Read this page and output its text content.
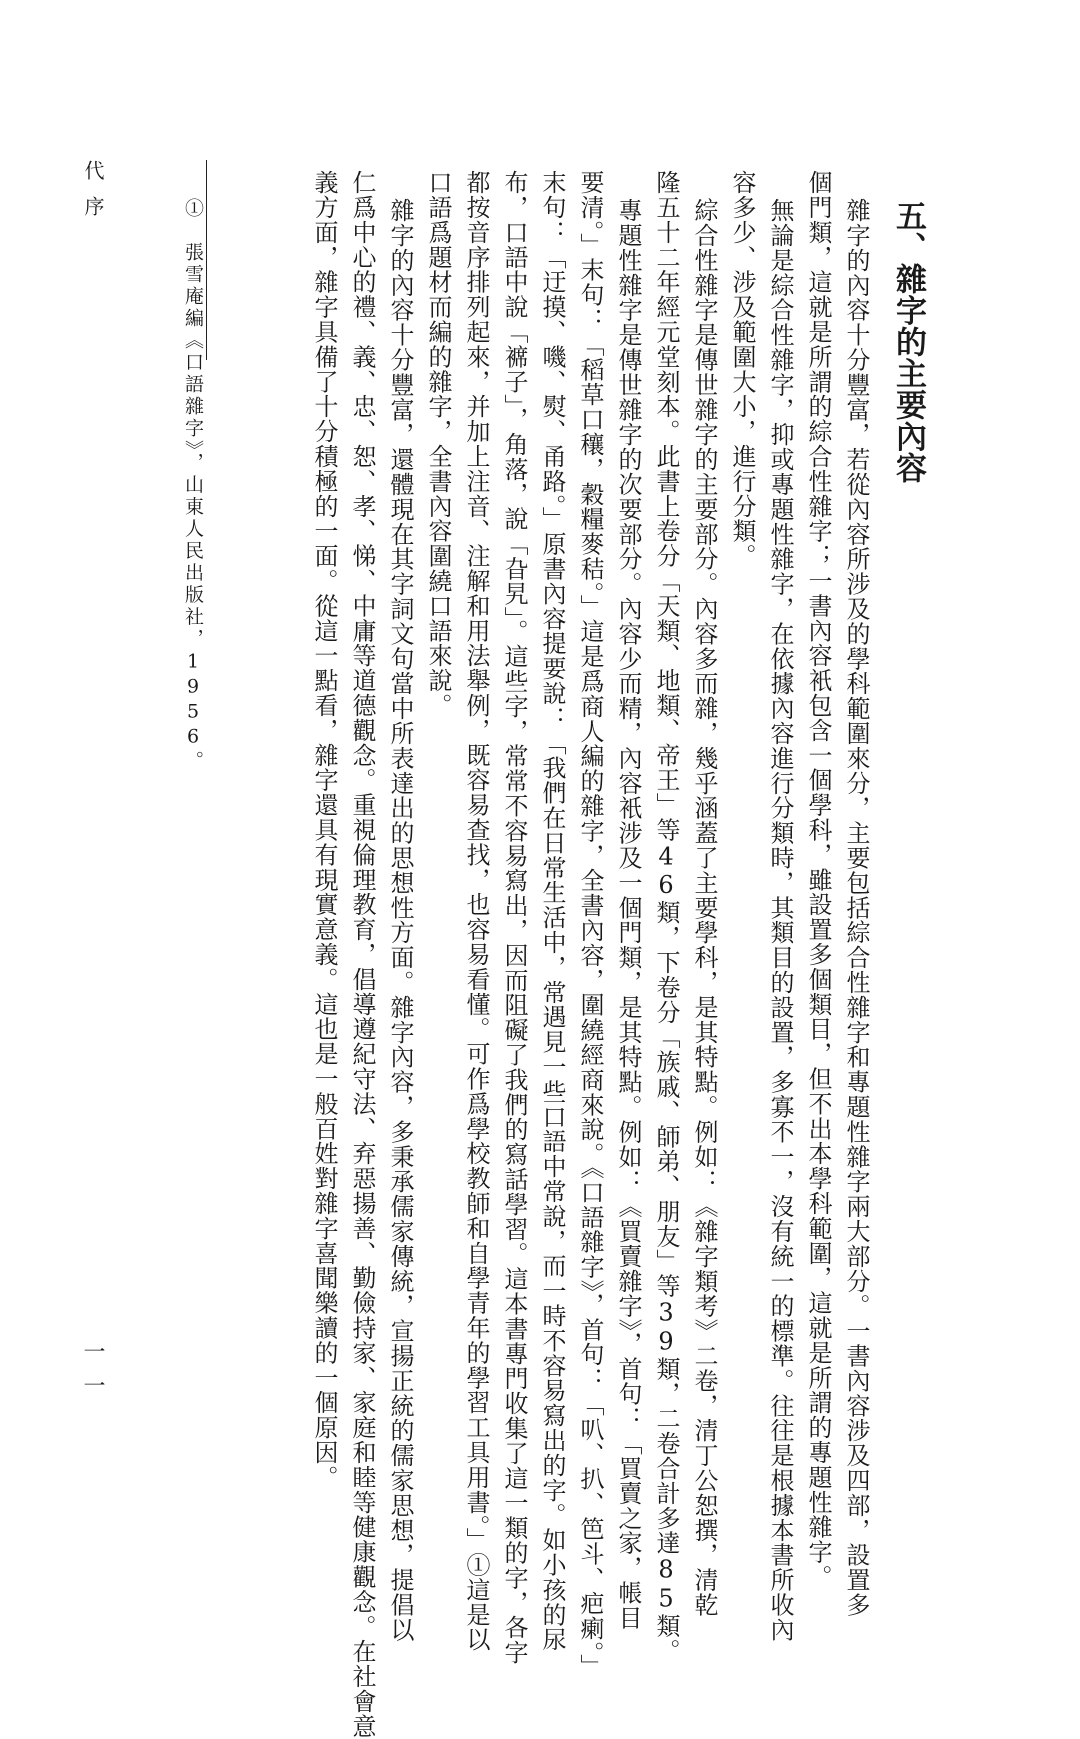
五、雜字的主要內容
雜字的內容十分豐富，若從內容所涉及的學科範圍來分，主要包括綜合性雜字和專題性雜字兩大部分。一書內容涉及四部，設置多
個門類，這就是所謂的綜合性雜字；一書內容衹包含一個學科，雖設置多個類目，但不出本學科範圍，這就是所謂的專題性雜字。
無論是綜合性雜字，抑或專題性雜字，在依據內容進行分類時，其類目的設置，多寡不一，沒有統一的標準。往往是根據本書所收內
容多少、涉及範圍大小，進行分類。
綜合性雜字是傳世雜字的主要部分。內容多而雜，幾乎涵蓋了主要學科，是其特點。例如：《雜字類考》二卷，清丁公恕撰，清乾
隆五十二年經元堂刻本。此書上卷分「天類、地類、帝王」等46類，下卷分「族戚、師弟、朋友」等39類，二卷合計多達85類。
專題性雜字是傳世雜字的次要部分。內容少而精，內容衹涉及一個門類，是其特點。例如：《買賣雜字》，首句：「買賣之家，帳目
要清。」末句：「稻草口穰，穀糧麥秸。」這是爲商人編的雜字，全書內容，圍繞經商來說。《口語雜字》，首句：「叭、扒、笆斗、疤瘌。」
末句：「迂摸、嘰、熨、甬路。」原書內容提要說：「我們在日常生活中，常遇見一些口語中常說，而一時不容易寫出的字。如小孩的尿
布，口語中說「褯子」，角落，說「旮旯」。這些字，常常不容易寫出，因而阻礙了我們的寫話學習。這本書專門收集了這一類的字，各字
都按音序排列起來，并加上注音、注解和用法舉例，既容易查找，也容易看懂。可作爲學校教師和自學青年的學習工具用書。」①這是以
口語爲題材而編的雜字，全書內容圍繞口語來說。
雜字的內容十分豐富，還體現在其字詞文句當中所表達出的思想性方面。雜字內容，多秉承儒家傳統，宣揚正統的儒家思想，提倡以
仁爲中心的禮、義、忠、恕、孝、悌、中庸等道德觀念。重視倫理教育，倡導遵紀守法、弃惡揚善、勤儉持家、家庭和睦等健康觀念。在社會意
義方面，雜字具備了十分積極的一面。從這一點看，雜字還具有現實意義。這也是一般百姓對雜字喜聞樂讀的一個原因。
①　張雪庵編《口語雜字》，山東人民出版社，1956。
代序
一一
